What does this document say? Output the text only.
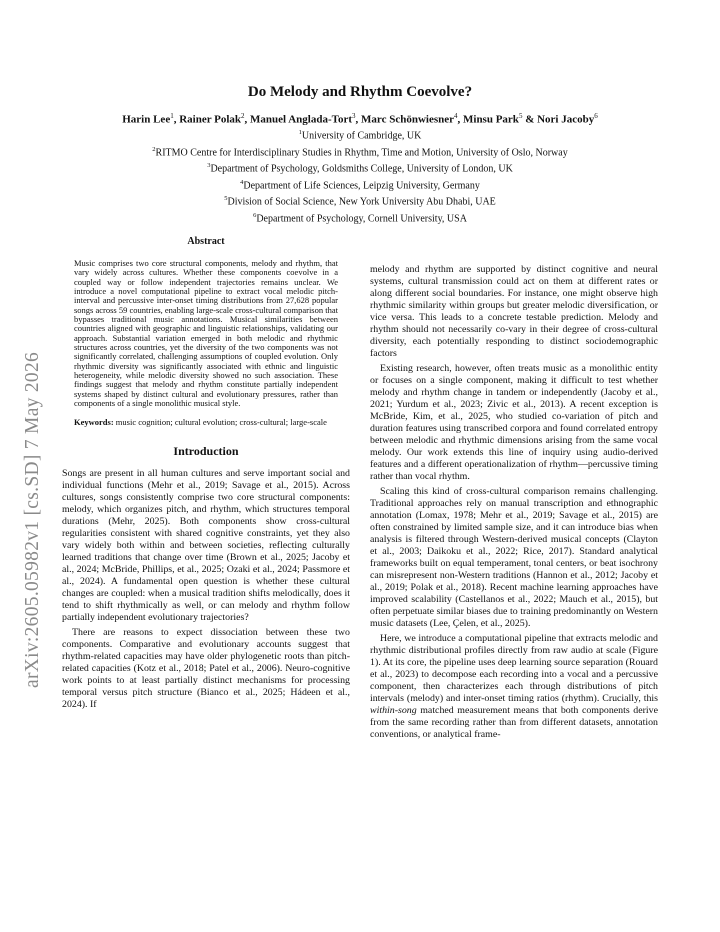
arXiv:2605.05982v1 [cs.SD] 7 May 2026
Do Melody and Rhythm Coevolve?
Harin Lee$^1$, Rainer Polak$^2$, Manuel Anglada-Tort$^3$, Marc Schönwiesner$^4$, Minsu Park$^5$ & Nori Jacoby$^6$
$^1$University of Cambridge, UK
$^2$RITMO Centre for Interdisciplinary Studies in Rhythm, Time and Motion, University of Oslo, Norway
$^3$Department of Psychology, Goldsmiths College, University of London, UK
$^4$Department of Life Sciences, Leipzig University, Germany
$^5$Division of Social Science, New York University Abu Dhabi, UAE
$^6$Department of Psychology, Cornell University, USA
Abstract

Music comprises two core structural components, melody and rhythm, that vary widely across cultures. Whether these components coevolve in a coupled way or follow independent trajectories remains unclear. We introduce a novel computational pipeline to extract vocal melodic pitch-interval and percussive inter-onset timing distributions from 27,628 popular songs across 59 countries, enabling large-scale cross-cultural comparison that bypasses traditional music annotations. Musical similarities between countries aligned with geographic and linguistic relationships, validating our approach. Substantial variation emerged in both melodic and rhythmic structures across countries, yet the diversity of the two components was not significantly correlated, challenging assumptions of coupled evolution. Only rhythmic diversity was significantly associated with ethnic and linguistic heterogeneity, while melodic diversity showed no such association. These findings suggest that melody and rhythm constitute partially independent systems shaped by distinct cultural and evolutionary pressures, rather than components of a single monolithic musical style.

Keywords: music cognition; cultural evolution; cross-cultural; large-scale

Introduction

Songs are present in all human cultures and serve important social and individual functions (Mehr et al., 2019; Savage et al., 2015). Across cultures, songs consistently comprise two core structural components: melody, which organizes pitch, and rhythm, which structures temporal durations (Mehr, 2025). Both components show cross-cultural regularities consistent with shared cognitive constraints, yet they also vary widely both within and between societies, reflecting culturally learned traditions that change over time (Brown et al., 2025; Jacoby et al., 2024; McBride, Phillips, et al., 2025; Ozaki et al., 2024; Passmore et al., 2024). A fundamental open question is whether these cultural changes are coupled: when a musical tradition shifts melodically, does it tend to shift rhythmically as well, or can melody and rhythm follow partially independent evolutionary trajectories?

There are reasons to expect dissociation between these two components. Comparative and evolutionary accounts suggest that rhythm-related capacities may have older phylogenetic roots than pitch-related capacities (Kotz et al., 2018; Patel et al., 2006). Neuro-cognitive work points to at least partially distinct mechanisms for processing temporal versus pitch structure (Bianco et al., 2025; Hádeen et al., 2024). If

melody and rhythm are supported by distinct cognitive and neural systems, cultural transmission could act on them at different rates or along different social boundaries. For instance, one might observe high rhythmic similarity within groups but greater melodic diversification, or vice versa. This leads to a concrete testable prediction. Melody and rhythm should not necessarily co-vary in their degree of cross-cultural diversity, each potentially responding to distinct sociodemographic factors

Existing research, however, often treats music as a monolithic entity or focuses on a single component, making it difficult to test whether melody and rhythm change in tandem or independently (Jacoby et al., 2021; Yurdum et al., 2023; Zivic et al., 2013). A recent exception is McBride, Kim, et al., 2025, who studied co-variation of pitch and duration features using transcribed corpora and found correlated entropy between melodic and rhythmic dimensions arising from the same vocal melody. Our work extends this line of inquiry using audio-derived features and a different operationalization of rhythm—percussive timing rather than vocal rhythm.

Scaling this kind of cross-cultural comparison remains challenging. Traditional approaches rely on manual transcription and ethnographic annotation (Lomax, 1978; Mehr et al., 2019; Savage et al., 2015) are often constrained by limited sample size, and it can introduce bias when analysis is filtered through Western-derived musical concepts (Clayton et al., 2003; Daikoku et al., 2022; Rice, 2017). Standard analytical frameworks built on equal temperament, tonal centers, or beat isochrony can misrepresent non-Western traditions (Hannon et al., 2012; Jacoby et al., 2019; Polak et al., 2018). Recent machine learning approaches have improved scalability (Castellanos et al., 2022; Mauch et al., 2015), but often perpetuate similar biases due to training predominantly on Western music datasets (Lee, Çelen, et al., 2025).

Here, we introduce a computational pipeline that extracts melodic and rhythmic distributional profiles directly from raw audio at scale (Figure 1). At its core, the pipeline uses deep learning source separation (Rouard et al., 2023) to decompose each recording into a vocal and a percussive component, then characterizes each through distributions of pitch intervals (melody) and inter-onset timing ratios (rhythm). Crucially, this within-song matched measurement means that both components derive from the same recording rather than from different datasets, annotation conventions, or analytical frame-
